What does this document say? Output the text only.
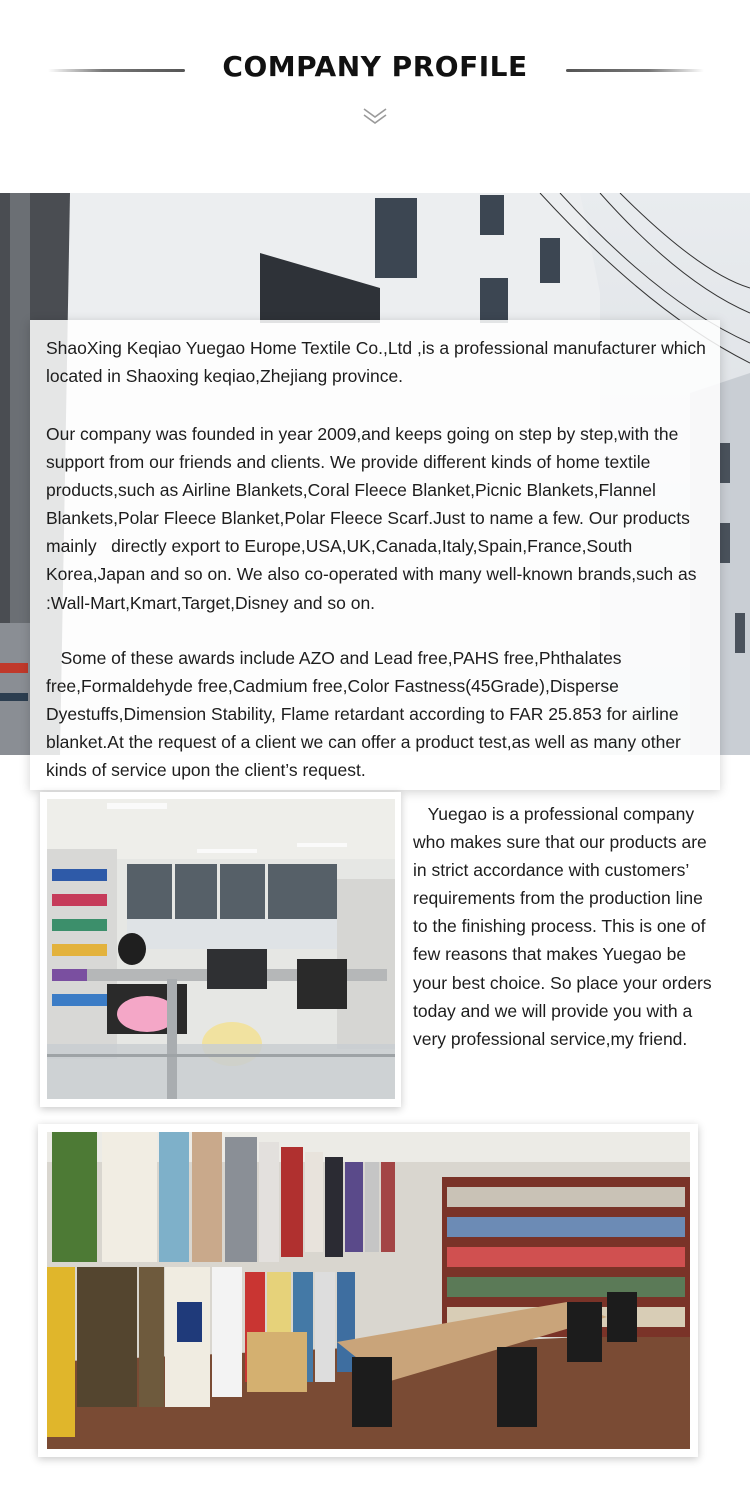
COMPANY PROFILE

ShaoXing Keqiao Yuegao Home Textile Co.,Ltd ,is a professional manufacturer which located in Shaoxing keqiao,Zhejiang province.

Our company was founded in year 2009,and keeps going on step by step,with the support from our friends and clients. We provide different kinds of home textile products,such as Airline Blankets,Coral Fleece Blanket,Picnic Blankets,Flannel Blankets,Polar Fleece Blanket,Polar Fleece Scarf.Just to name a few. Our products mainly   directly export to Europe,USA,UK,Canada,Italy,Spain,France,South Korea,Japan and so on. We also co-operated with many well-known brands,such as :Wall-Mart,Kmart,Target,Disney and so on.

Some of these awards include AZO and Lead free,PAHS free,Phthalates free,Formaldehyde free,Cadmium free,Color Fastness(45Grade),Disperse Dyestuffs,Dimension Stability, Flame retardant according to FAR 25.853 for airline blanket.At the request of a client we can offer a product test,as well as many other kinds of service upon the client’s request.

Yuegao is a professional company who makes sure that our products are in strict accordance with customers’ requirements from the production line to the finishing process. This is one of few reasons that makes Yuegao be your best choice. So place your orders today and we will provide you with a very professional service,my friend.
